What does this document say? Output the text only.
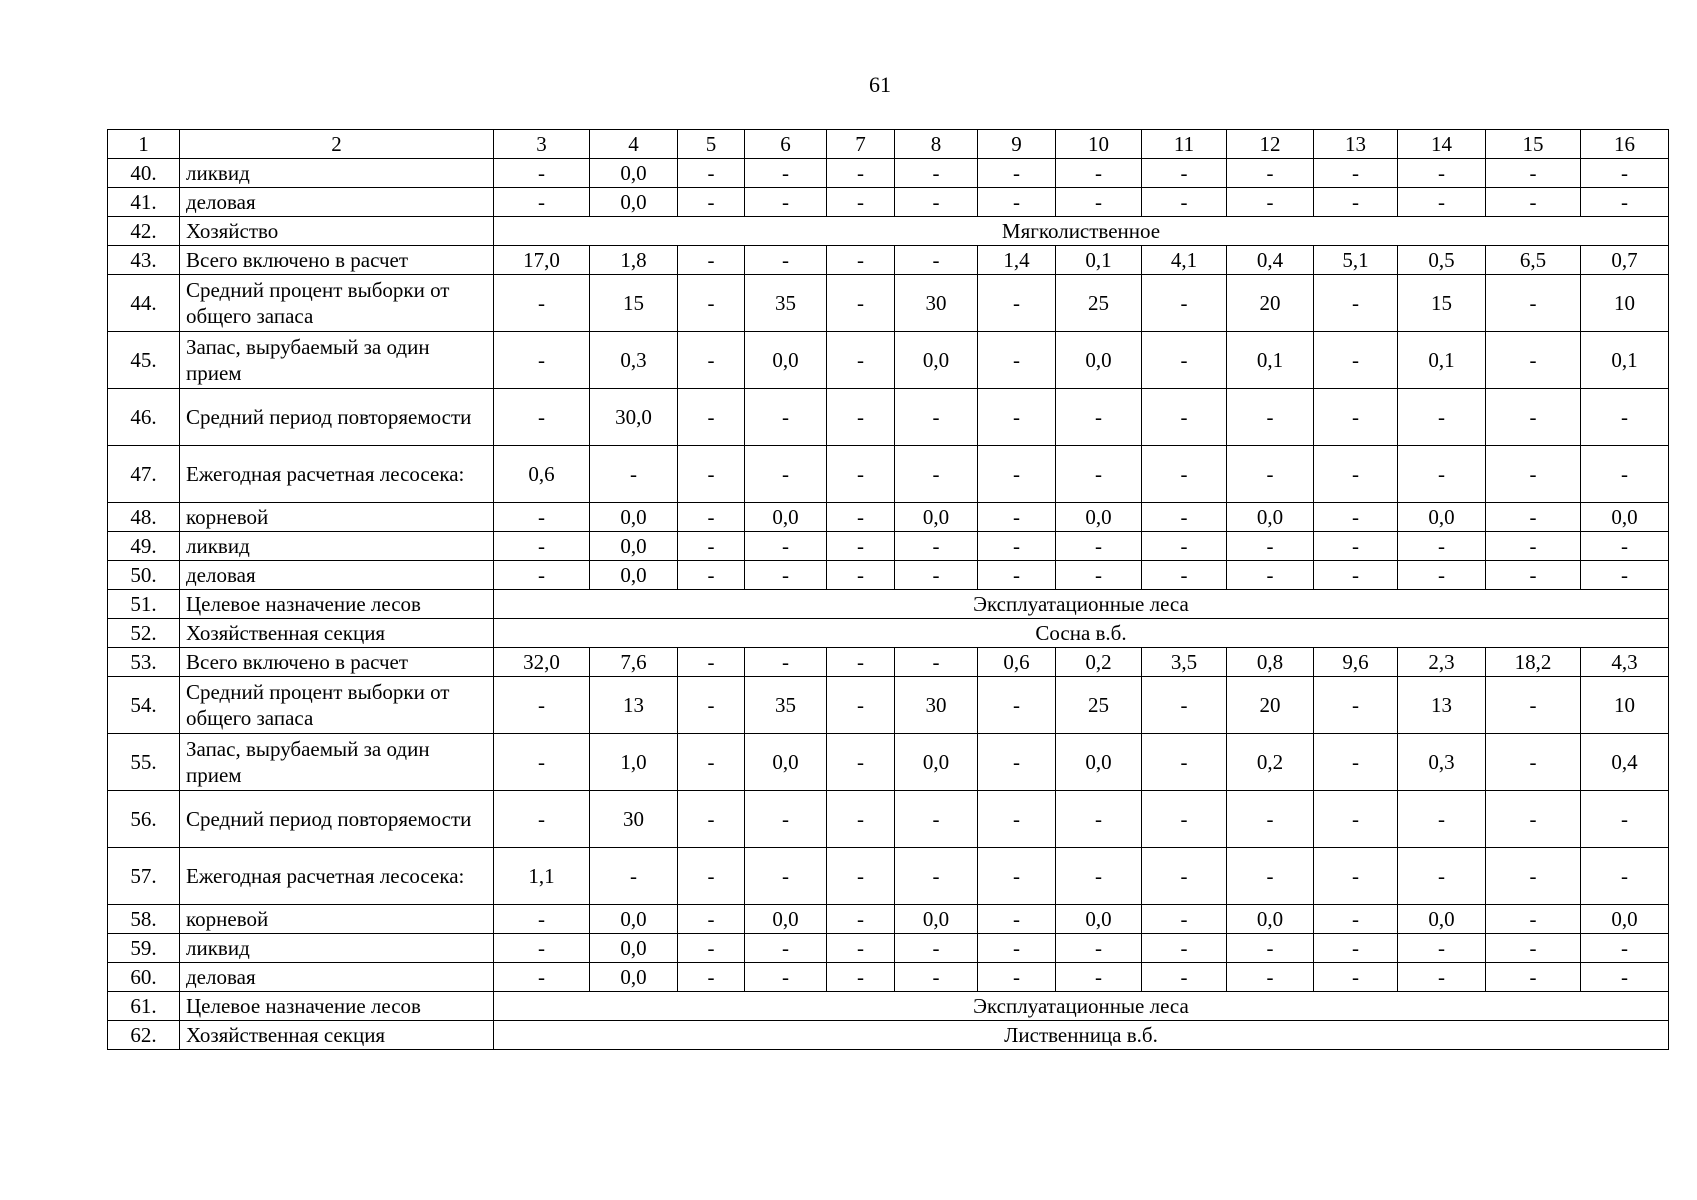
61
1	2	3	4	5	6	7	8	9	10	11	12	13	14	15	16
40.	ликвид	-	0,0	-	-	-	-	-	-	-	-	-	-	-	-
41.	деловая	-	0,0	-	-	-	-	-	-	-	-	-	-	-	-
42.	Хозяйство	Мягколиственное													
43.	Всего включено в расчет	17,0	1,8	-	-	-	-	1,4	0,1	4,1	0,4	5,1	0,5	6,5	0,7
44.	Средний процент выборки от общего запаса	-	15	-	35	-	30	-	25	-	20	-	15	-	10
45.	Запас, вырубаемый за один прием	-	0,3	-	0,0	-	0,0	-	0,0	-	0,1	-	0,1	-	0,1
46.	Средний период повторяемости	-	30,0	-	-	-	-	-	-	-	-	-	-	-	-
47.	Ежегодная расчетная лесосека:	0,6	-	-	-	-	-	-	-	-	-	-	-	-	-
48.	корневой	-	0,0	-	0,0	-	0,0	-	0,0	-	0,0	-	0,0	-	0,0
49.	ликвид	-	0,0	-	-	-	-	-	-	-	-	-	-	-	-
50.	деловая	-	0,0	-	-	-	-	-	-	-	-	-	-	-	-
51.	Целевое назначение лесов	Эксплуатационные леса													
52.	Хозяйственная секция	Сосна в.б.													
53.	Всего включено в расчет	32,0	7,6	-	-	-	-	0,6	0,2	3,5	0,8	9,6	2,3	18,2	4,3
54.	Средний процент выборки от общего запаса	-	13	-	35	-	30	-	25	-	20	-	13	-	10
55.	Запас, вырубаемый за один прием	-	1,0	-	0,0	-	0,0	-	0,0	-	0,2	-	0,3	-	0,4
56.	Средний период повторяемости	-	30	-	-	-	-	-	-	-	-	-	-	-	-
57.	Ежегодная расчетная лесосека:	1,1	-	-	-	-	-	-	-	-	-	-	-	-	-
58.	корневой	-	0,0	-	0,0	-	0,0	-	0,0	-	0,0	-	0,0	-	0,0
59.	ликвид	-	0,0	-	-	-	-	-	-	-	-	-	-	-	-
60.	деловая	-	0,0	-	-	-	-	-	-	-	-	-	-	-	-
61.	Целевое назначение лесов	Эксплуатационные леса													
62.	Хозяйственная секция	Лиственница в.б.													
